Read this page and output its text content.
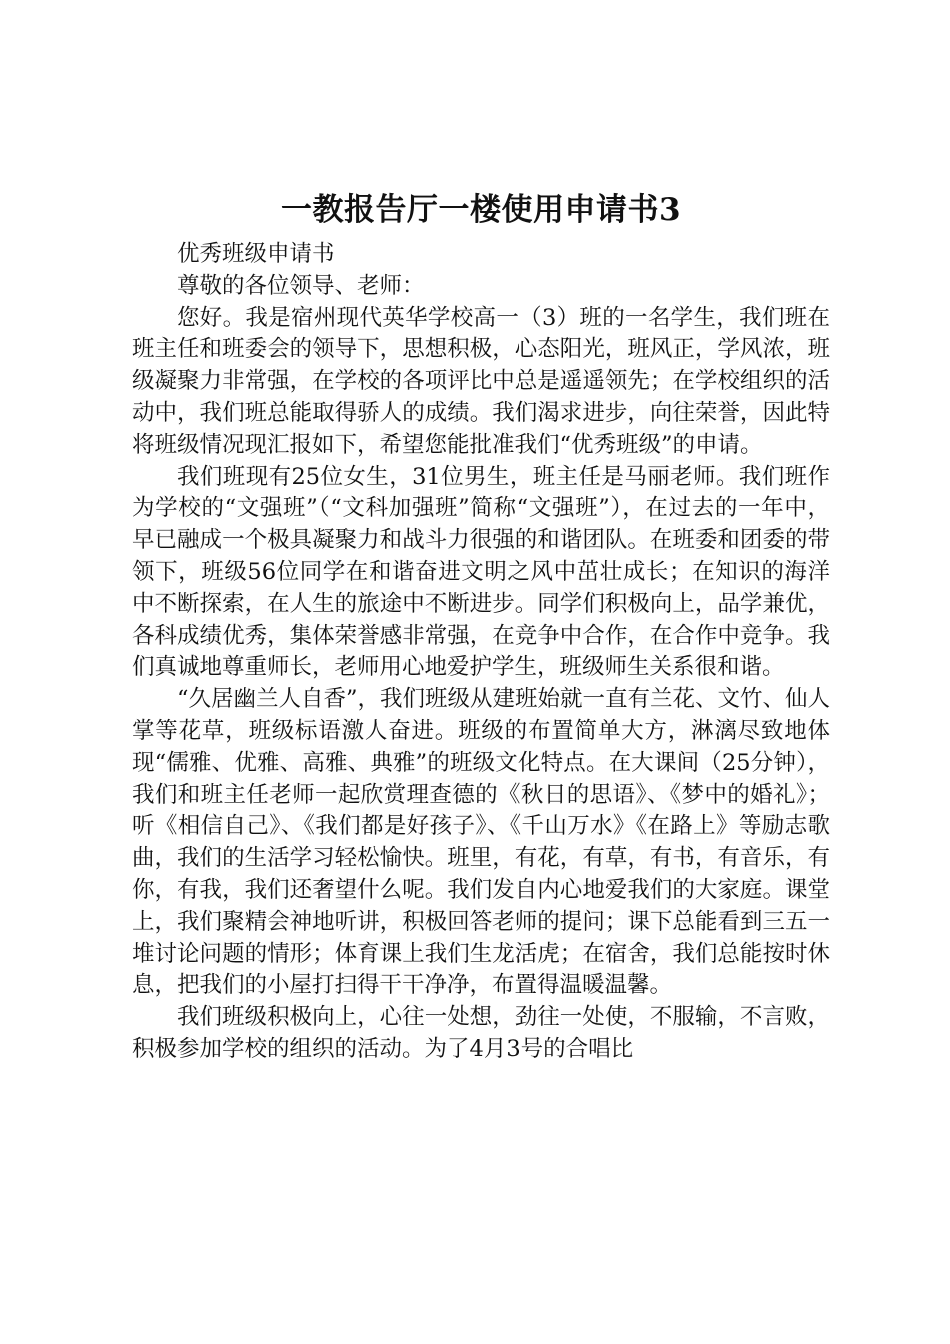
一教报告厅一楼使用申请书3

优秀班级申请书

尊敬的各位领导、老师：

您好。我是宿州现代英华学校高一（3）班的一名学生，我们班在班主任和班委会的领导下，思想积极，心态阳光，班风正，学风浓，班级凝聚力非常强，在学校的各项评比中总是遥遥领先；在学校组织的活动中，我们班总能取得骄人的成绩。我们渴求进步，向往荣誉，因此特将班级情况现汇报如下，希望您能批准我们“优秀班级”的申请。

我们班现有25位女生，31位男生，班主任是马丽老师。我们班作为学校的“文强班”（“文科加强班”简称“文强班”），在过去的一年中，早已融成一个极具凝聚力和战斗力很强的和谐团队。在班委和团委的带领下，班级56位同学在和谐奋进文明之风中茁壮成长；在知识的海洋中不断探索，在人生的旅途中不断进步。同学们积极向上，品学兼优，各科成绩优秀，集体荣誉感非常强，在竞争中合作，在合作中竞争。我们真诚地尊重师长，老师用心地爱护学生，班级师生关系很和谐。

“久居幽兰人自香”，我们班级从建班始就一直有兰花、文竹、仙人掌等花草，班级标语激人奋进。班级的布置简单大方，淋漓尽致地体现“儒雅、优雅、高雅、典雅”的班级文化特点。在大课间（25分钟），我们和班主任老师一起欣赏理查德的《秋日的思语》、《梦中的婚礼》；听《相信自己》、《我们都是好孩子》、《千山万水》《在路上》等励志歌曲，我们的生活学习轻松愉快。班里，有花，有草，有书，有音乐，有你，有我，我们还奢望什么呢。我们发自内心地爱我们的大家庭。课堂上，我们聚精会神地听讲，积极回答老师的提问；课下总能看到三五一堆讨论问题的情形；体育课上我们生龙活虎；在宿舍，我们总能按时休息，把我们的小屋打扫得干干净净，布置得温暖温馨。

我们班级积极向上，心往一处想，劲往一处使，不服输，不言败，积极参加学校的组织的活动。为了4月3号的合唱比
